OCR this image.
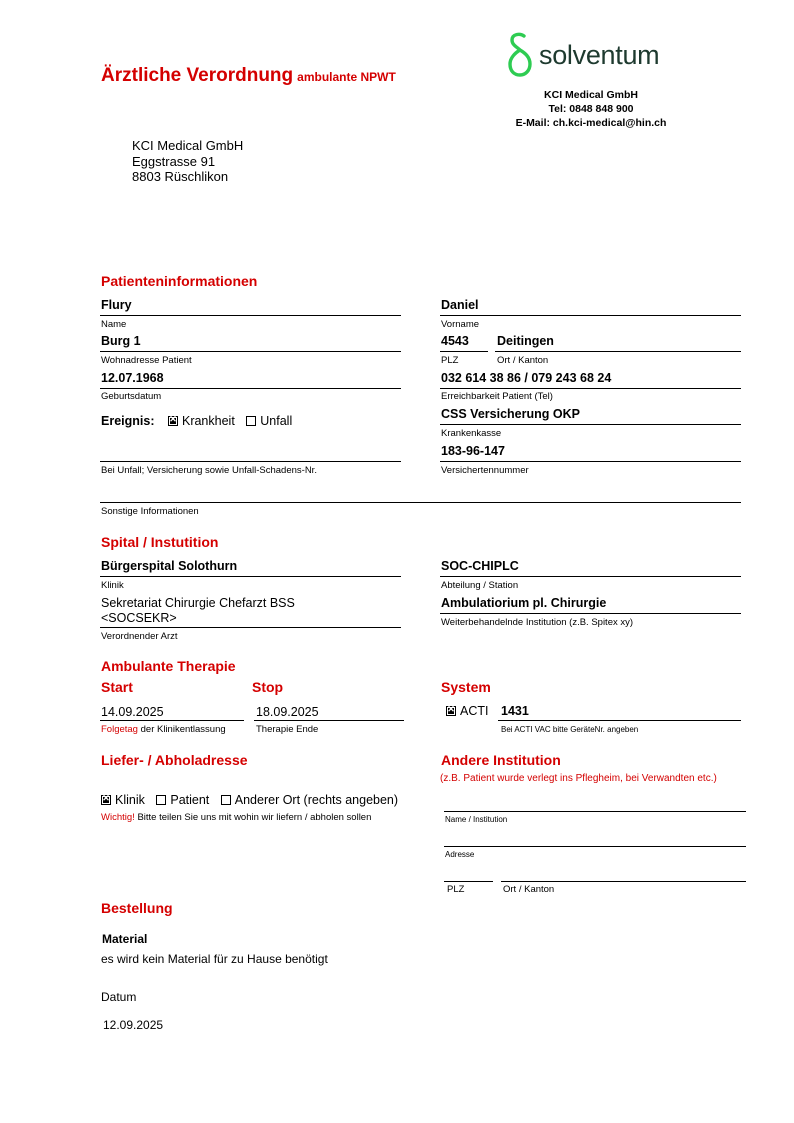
Ärztliche Verordnung ambulante NPWT
solventum
KCI Medical GmbH
Tel: 0848 848 900
E-Mail: ch.kci-medical@hin.ch
KCI Medical GmbH
Eggstrasse 91
8803 Rüschlikon
Patienteninformationen
Flury
Name
Burg 1
Wohnadresse Patient
12.07.1968
Geburtsdatum
Ereignis: ✕ Krankheit Unfall
Bei Unfall; Versicherung sowie Unfall-Schadens-Nr.
Sonstige Informationen
Daniel
Vorname
4543 Deitingen
PLZ	Ort / Kanton
032 614 38 86 / 079 243 68 24
Erreichbarkeit Patient (Tel)
CSS Versicherung OKP
Krankenkasse
183-96-147
Versichertennummer
Spital / Instutition
Bürgerspital Solothurn
Klinik
Sekretariat Chirurgie Chefarzt BSS
<SOCSEKR>
Verordnender Arzt
SOC-CHIPLC
Abteilung / Station
Ambulatiorium pl. Chirurgie
Weiterbehandelnde Institution (z.B. Spitex xy)
Ambulante Therapie
Start
14.09.2025
Folgetag der Klinikentlassung
Stop
18.09.2025
Therapie Ende
System
✕ACTI 1431
Bei ACTI VAC bitte GeräteNr. angeben
Liefer- / Abholadresse
✕Klinik Patient Anderer Ort (rechts angeben)
Wichtig! Bitte teilen Sie uns mit wohin wir liefern / abholen sollen
Andere Institution
(z.B. Patient wurde verlegt ins Pflegheim, bei Verwandten etc.)
Name / Institution
Adresse
PLZ	Ort / Kanton
Bestellung
Material
es wird kein Material für zu Hause benötigt
Datum
12.09.2025
